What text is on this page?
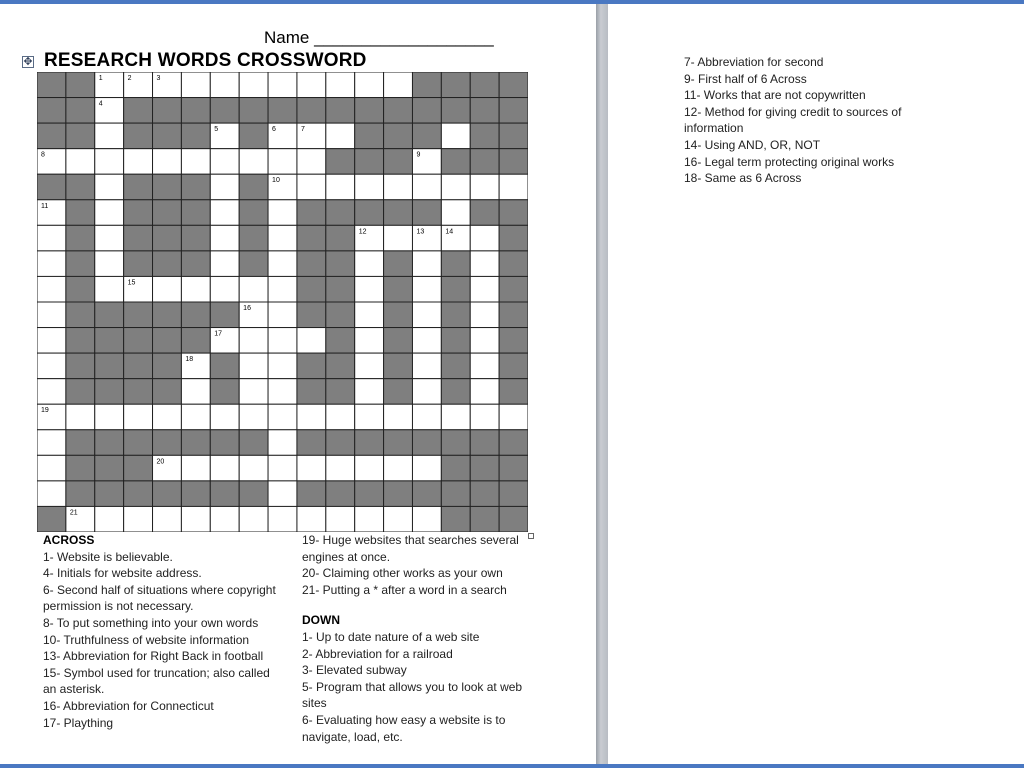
Name ___________________
✥ RESEARCH WORDS CROSSWORD
1	2	3
4
5	6	7
8	9
10
11
12	13	14
15
16
17
18
19
20
21
ACROSS
1- Website is believable.
4- Initials for website address.
6- Second half of situations where copyright permission is not necessary.
8- To put something into your own words
10- Truthfulness of website information
13- Abbreviation for Right Back in football
15- Symbol used for truncation; also called an asterisk.
16- Abbreviation for Connecticut
17- Plaything
19- Huge websites that searches several engines at once.
20- Claiming other works as your own
21- Putting a * after a word in a search
DOWN
1- Up to date nature of a web site
2- Abbreviation for a railroad
3- Elevated subway
5- Program that allows you to look at web sites
6- Evaluating how easy a website is to navigate, load, etc.
7- Abbreviation for second
9- First half of 6 Across
11- Works that are not copywritten
12- Method for giving credit to sources of information
14- Using AND, OR, NOT
16- Legal term protecting original works
18- Same as 6 Across
